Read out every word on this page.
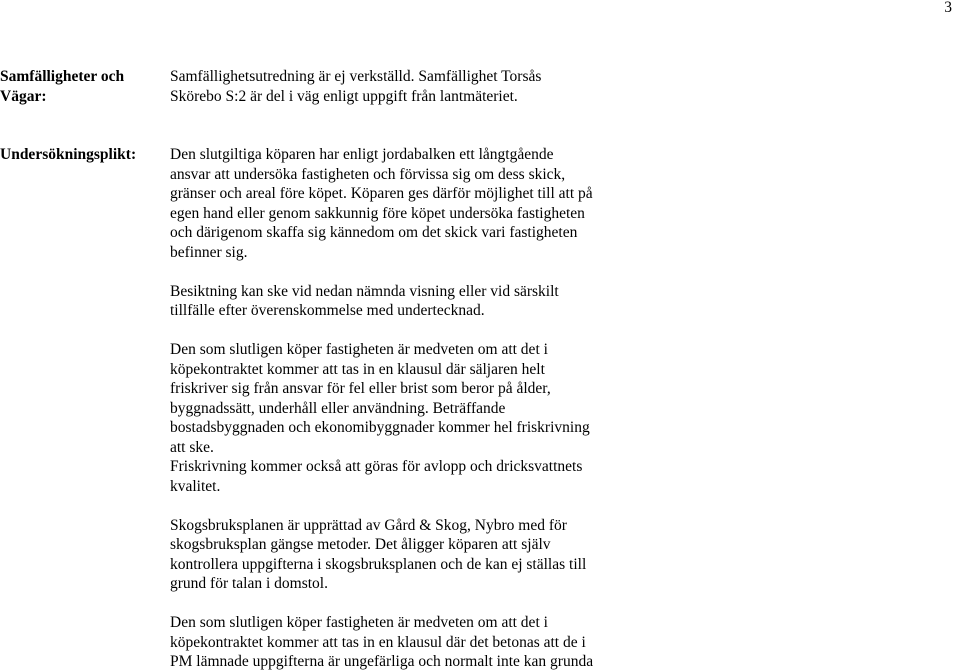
3

Samfälligheter och
Vägar:

Samfällighetsutredning är ej verkställd. Samfällighet Torsås
Skörebo S:2 är del i väg enligt uppgift från lantmäteriet.

Undersökningsplikt:	Den slutgiltiga köparen har enligt jordabalken ett långtgående
ansvar att undersöka fastigheten och förvissa sig om dess skick,
gränser och areal före köpet. Köparen ges därför möjlighet till att på
egen hand eller genom sakkunnig före köpet undersöka fastigheten
och därigenom skaffa sig kännedom om det skick vari fastigheten
befinner sig.

Besiktning kan ske vid nedan nämnda visning eller vid särskilt
tillfälle efter överenskommelse med undertecknad.

Den som slutligen köper fastigheten är medveten om att det i
köpekontraktet kommer att tas in en klausul där säljaren helt
friskriver sig från ansvar för fel eller brist som beror på ålder,
byggnadssätt, underhåll eller användning. Beträffande
bostadsbyggnaden och ekonomibyggnader kommer hel friskrivning
att ske.
Friskrivning kommer också att göras för avlopp och dricksvattnets
kvalitet.

Skogsbruksplanen är upprättad av Gård & Skog, Nybro med för
skogsbruksplan gängse metoder. Det åligger köparen att själv
kontrollera uppgifterna i skogsbruksplanen och de kan ej ställas till
grund för talan i domstol.

Den som slutligen köper fastigheten är medveten om att det i
köpekontraktet kommer att tas in en klausul där det betonas att de i
PM lämnade uppgifterna är ungefärliga och normalt inte kan grunda
